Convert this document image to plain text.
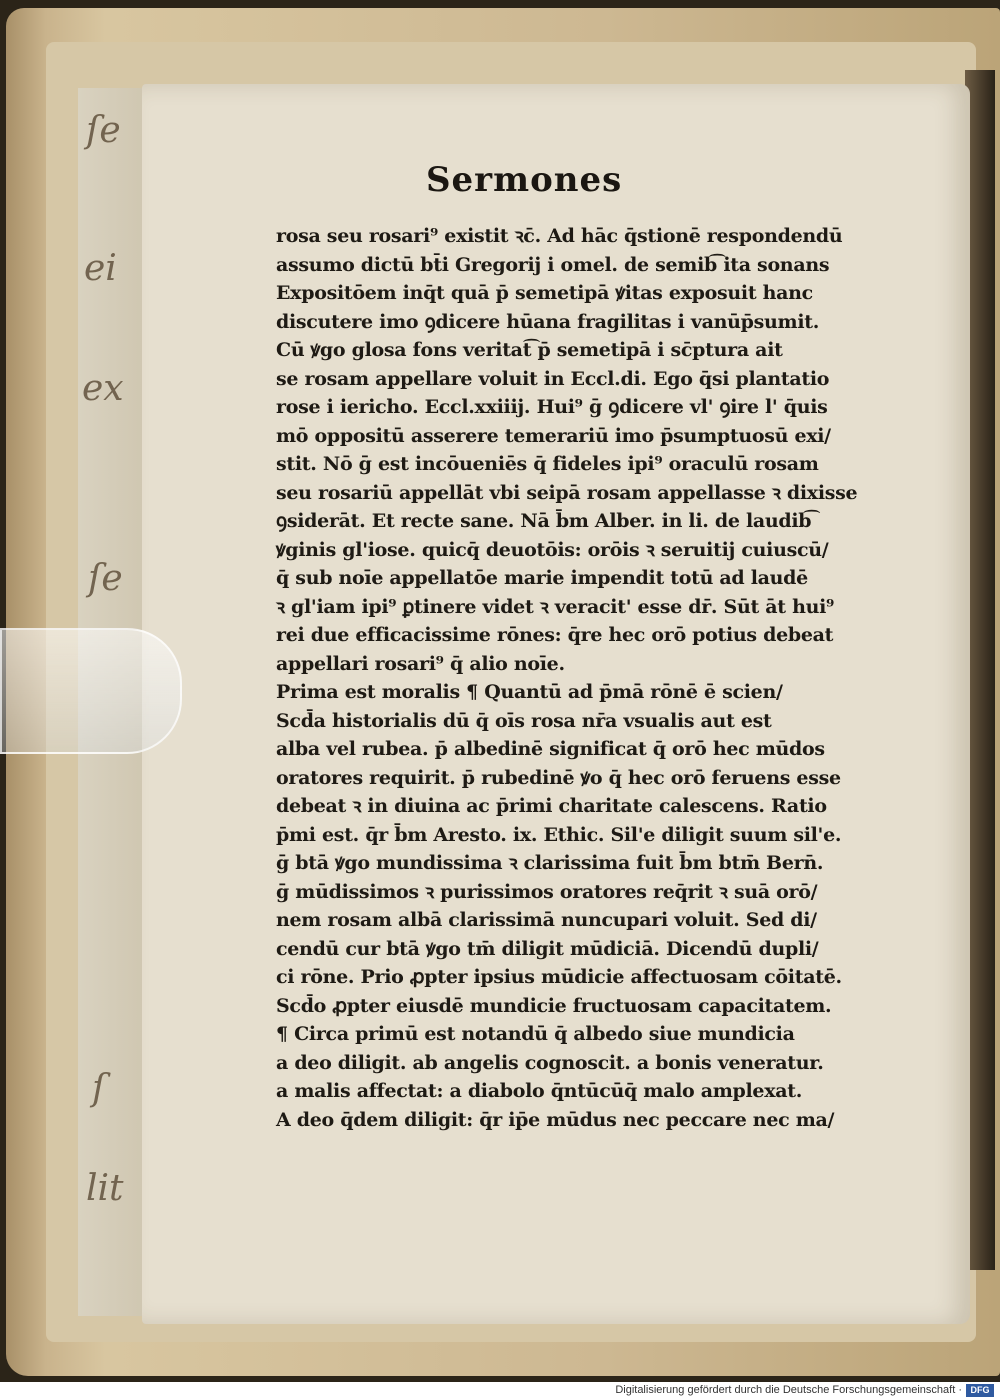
ſe
ei
ex
ſe
ſ
lit
Sermones
rosa seu rosari⁹ existit ꝛc̄. Ad hāc q̄stionē respondendū
assumo dictū bt̄i Gregorij i omel. de semib͡ ita sonans
Expositōem inq̄t quā p̄ semetipā ꝟitas exposuit hanc
discutere imo ꝯdicere hūana fragilitas i vanūp̄sumit.
Cū ꝟgo glosa fons veritat͡ p̄ semetipā i sc̄ptura ait
se rosam appellare voluit in Eccl.di. Ego q̄si plantatio
rose i iericho. Eccl.xxiiij. Hui⁹ ḡ ꝯdicere vl' ꝯire l' q̄uis
mō oppositū asserere temerariū imo p̄sumptuosū exi/
stit. Nō ḡ est incōueniēs q̄ fideles ipi⁹ oraculū rosam
seu rosariū appellāt vbi seipā rosam appellasse ꝛ dixisse
ꝯsiderāt. Et recte sane. Nā b̄m Alber. in li. de laudib͡
ꝟginis gl'iose. quicq̄ deuotōis: orōis ꝛ seruitij cuiuscū/
q̄ sub noīe appellatōe marie impendit totū ad laudē
ꝛ gl'iam ipi⁹ ꝑtinere videt ꝛ veracit' esse dr̄. Sūt āt hui⁹
rei due efficacissime rōnes: q̄re hec orō potius debeat
appellari rosari⁹ q̄ alio noīe.
Prima est moralis ¶ Quantū ad p̄mā rōnē ē scien/
Scd̄a historialis dū q̄ oīs rosa nr̄a vsualis aut est
alba vel rubea. p̄ albedinē significat q̄ orō hec mūdos
oratores requirit. p̄ rubedinē ꝟo q̄ hec orō feruens esse
debeat ꝛ in diuina ac p̄rimi charitate calescens. Ratio
p̄mi est. q̄r b̄m Aresto. ix. Ethic. Sil'e diligit suum sil'e.
ḡ btā ꝟgo mundissima ꝛ clarissima fuit b̄m btm̄ Bern̄.
ḡ mūdissimos ꝛ purissimos oratores req̄rit ꝛ suā orō/
nem rosam albā clarissimā nuncupari voluit. Sed di/
cendū cur btā ꝟgo tm̄ diligit mūdiciā. Dicendū dupli/
ci rōne. Prio ꝓpter ipsius mūdicie affectuosam cōitatē.
Scd̄o ꝓpter eiusdē mundicie fructuosam capacitatem.
¶ Circa primū est notandū q̄ albedo siue mundicia
a deo diligit. ab angelis cognoscit. a bonis veneratur.
a malis affectat: a diabolo q̄ntūcūq̄ malo amplexat.
A deo q̄dem diligit: q̄r ip̄e mūdus nec peccare nec ma/
Digitalisierung gefördert durch die Deutsche Forschungsgemeinschaft · DFG
